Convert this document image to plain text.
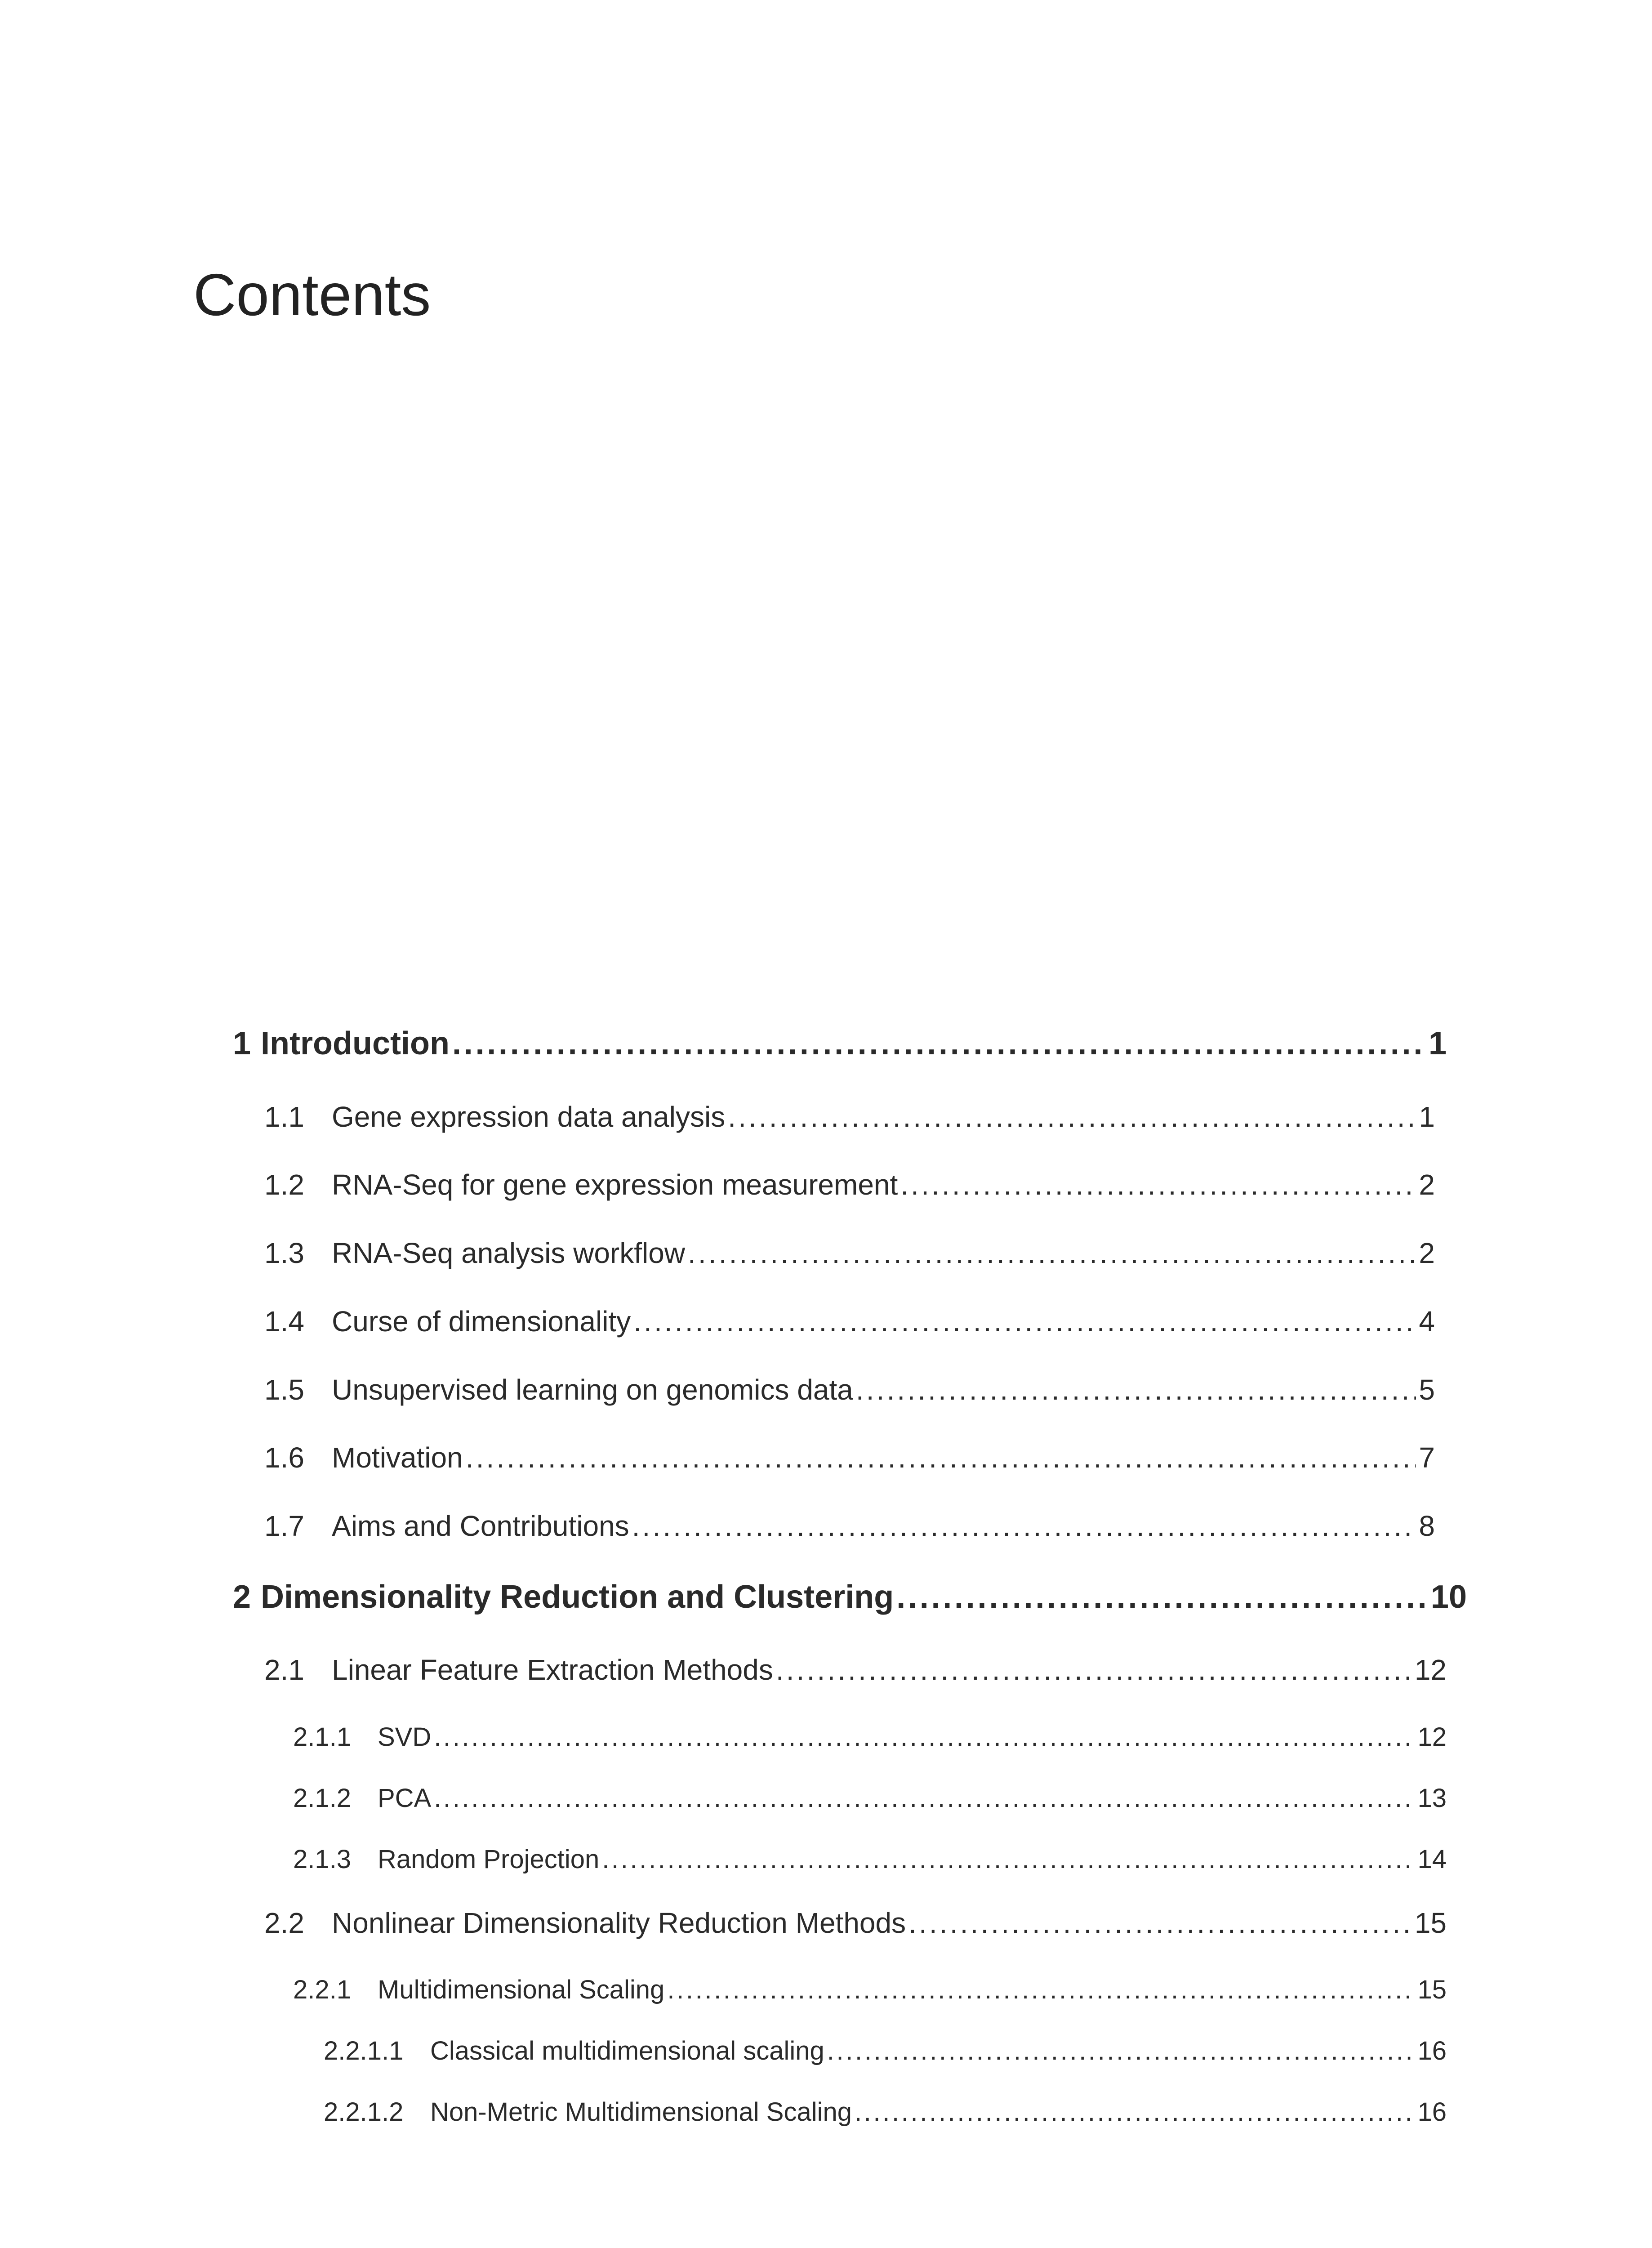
Contents
1 Introduction .....	1
1.1 Gene expression data analysis .....	1
1.2 RNA-Seq for gene expression measurement .....	2
1.3 RNA-Seq analysis workflow .....	2
1.4 Curse of dimensionality .....	4
1.5 Unsupervised learning on genomics data .....	5
1.6 Motivation .....	7
1.7 Aims and Contributions .....	8
2 Dimensionality Reduction and Clustering .....	10
2.1 Linear Feature Extraction Methods .....	12
2.1.1	SVD .....	12
2.1.2	PCA .....	13
2.1.3	Random Projection .....	14
2.2 Nonlinear Dimensionality Reduction Methods .....	15
2.2.1	Multidimensional Scaling .....	15
2.2.1.1	Classical multidimensional scaling .....	16
2.2.1.2	Non-Metric Multidimensional Scaling .....	16
